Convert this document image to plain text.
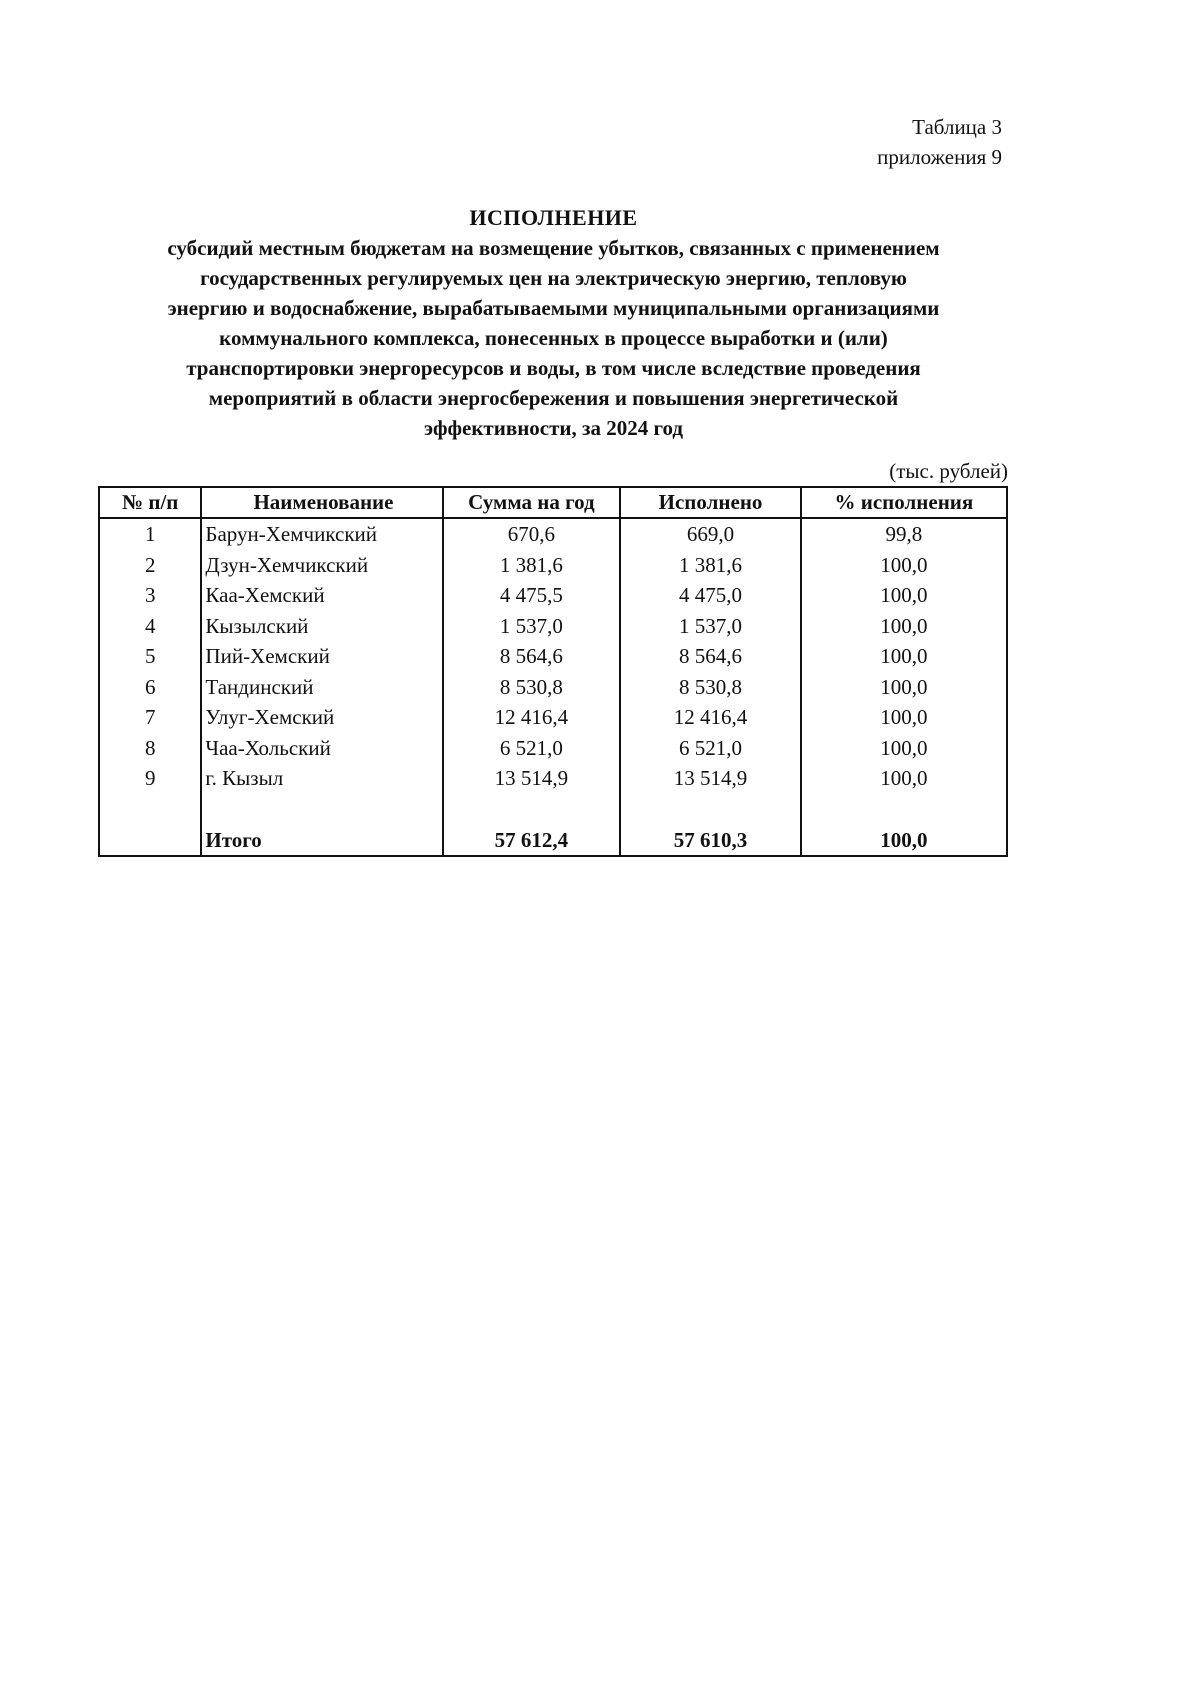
Таблица 3
приложения 9
ИСПОЛНЕНИЕ
субсидий местным бюджетам на возмещение убытков, связанных с применением
государственных регулируемых цен на электрическую энергию, тепловую
энергию и водоснабжение, вырабатываемыми муниципальными организациями
коммунального комплекса, понесенных в процессе выработки и (или)
транспортировки энергоресурсов и воды, в том числе вследствие проведения
мероприятий в области энергосбережения и повышения энергетической
эффективности, за 2024 год
(тыс. рублей)
№ п/п	Наименование	Сумма на год	Исполнено	% исполнения
1	Барун-Хемчикский	670,6	669,0	99,8
2	Дзун-Хемчикский	1 381,6	1 381,6	100,0
3	Каа-Хемский	4 475,5	4 475,0	100,0
4	Кызылский	1 537,0	1 537,0	100,0
5	Пий-Хемский	8 564,6	8 564,6	100,0
6	Тандинский	8 530,8	8 530,8	100,0
7	Улуг-Хемский	12 416,4	12 416,4	100,0
8	Чаа-Хольский	6 521,0	6 521,0	100,0
9	г. Кызыл	13 514,9	13 514,9	100,0

	Итого	57 612,4	57 610,3	100,0
